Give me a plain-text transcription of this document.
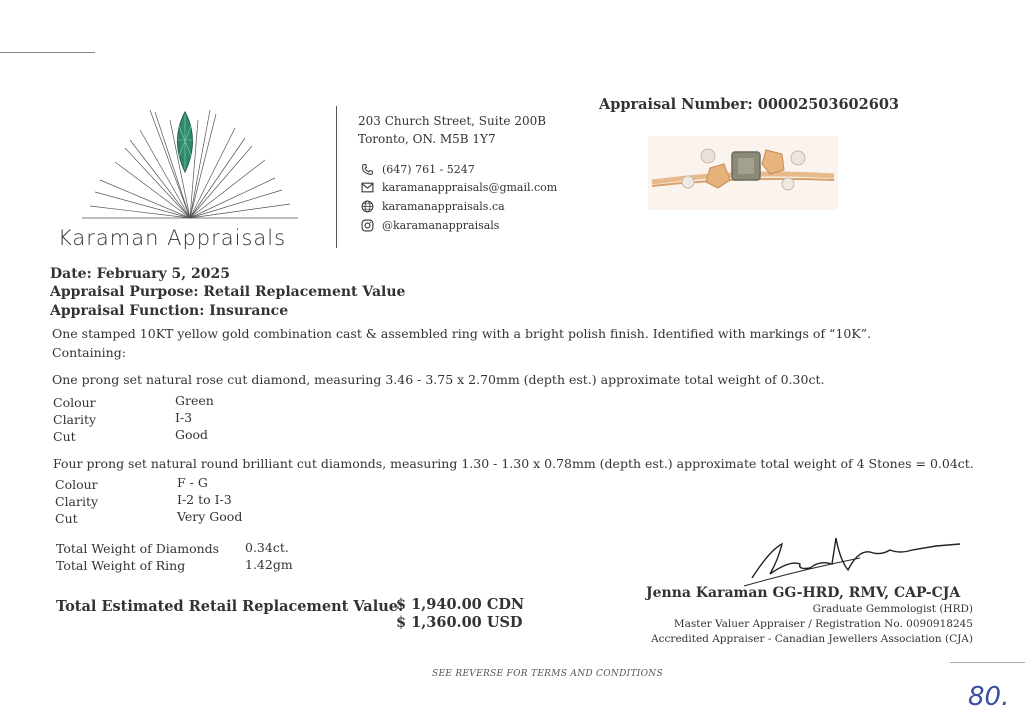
Karaman Appraisals
203 Church Street, Suite 200B
Toronto, ON. M5B 1Y7
(647) 761 - 5247
karamanappraisals@gmail.com
karamanappraisals.ca
@karamanappraisals
Appraisal Number: 00002503602603
Date: February 5, 2025
Appraisal Purpose: Retail Replacement Value
Appraisal Function: Insurance
One stamped 10KT yellow gold combination cast & assembled ring with a bright polish finish. Identified with markings of “10K”.
Containing:
One prong set natural rose cut diamond, measuring 3.46 - 3.75 x 2.70mm (depth est.) approximate total weight of 0.30ct.
Colour	Green
Clarity	I-3
Cut	Good
Four prong set natural round brilliant cut diamonds, measuring 1.30 - 1.30 x 0.78mm (depth est.) approximate total weight of 4 Stones = 0.04ct.
Colour	F - G
Clarity	I-2 to I-3
Cut	Very Good
Total Weight of Diamonds 0.34ct.
Total Weight of Ring	1.42gm
Total Estimated Retail Replacement Value:
$ 1,940.00 CDN
$ 1,360.00 USD
Jenna Karaman GG-HRD, RMV, CAP-CJA
Graduate Gemmologist (HRD)
Master Valuer Appraiser / Registration No. 0090918245
Accredited Appraiser - Canadian Jewellers Association (CJA)
SEE REVERSE FOR TERMS AND CONDITIONS
80.
